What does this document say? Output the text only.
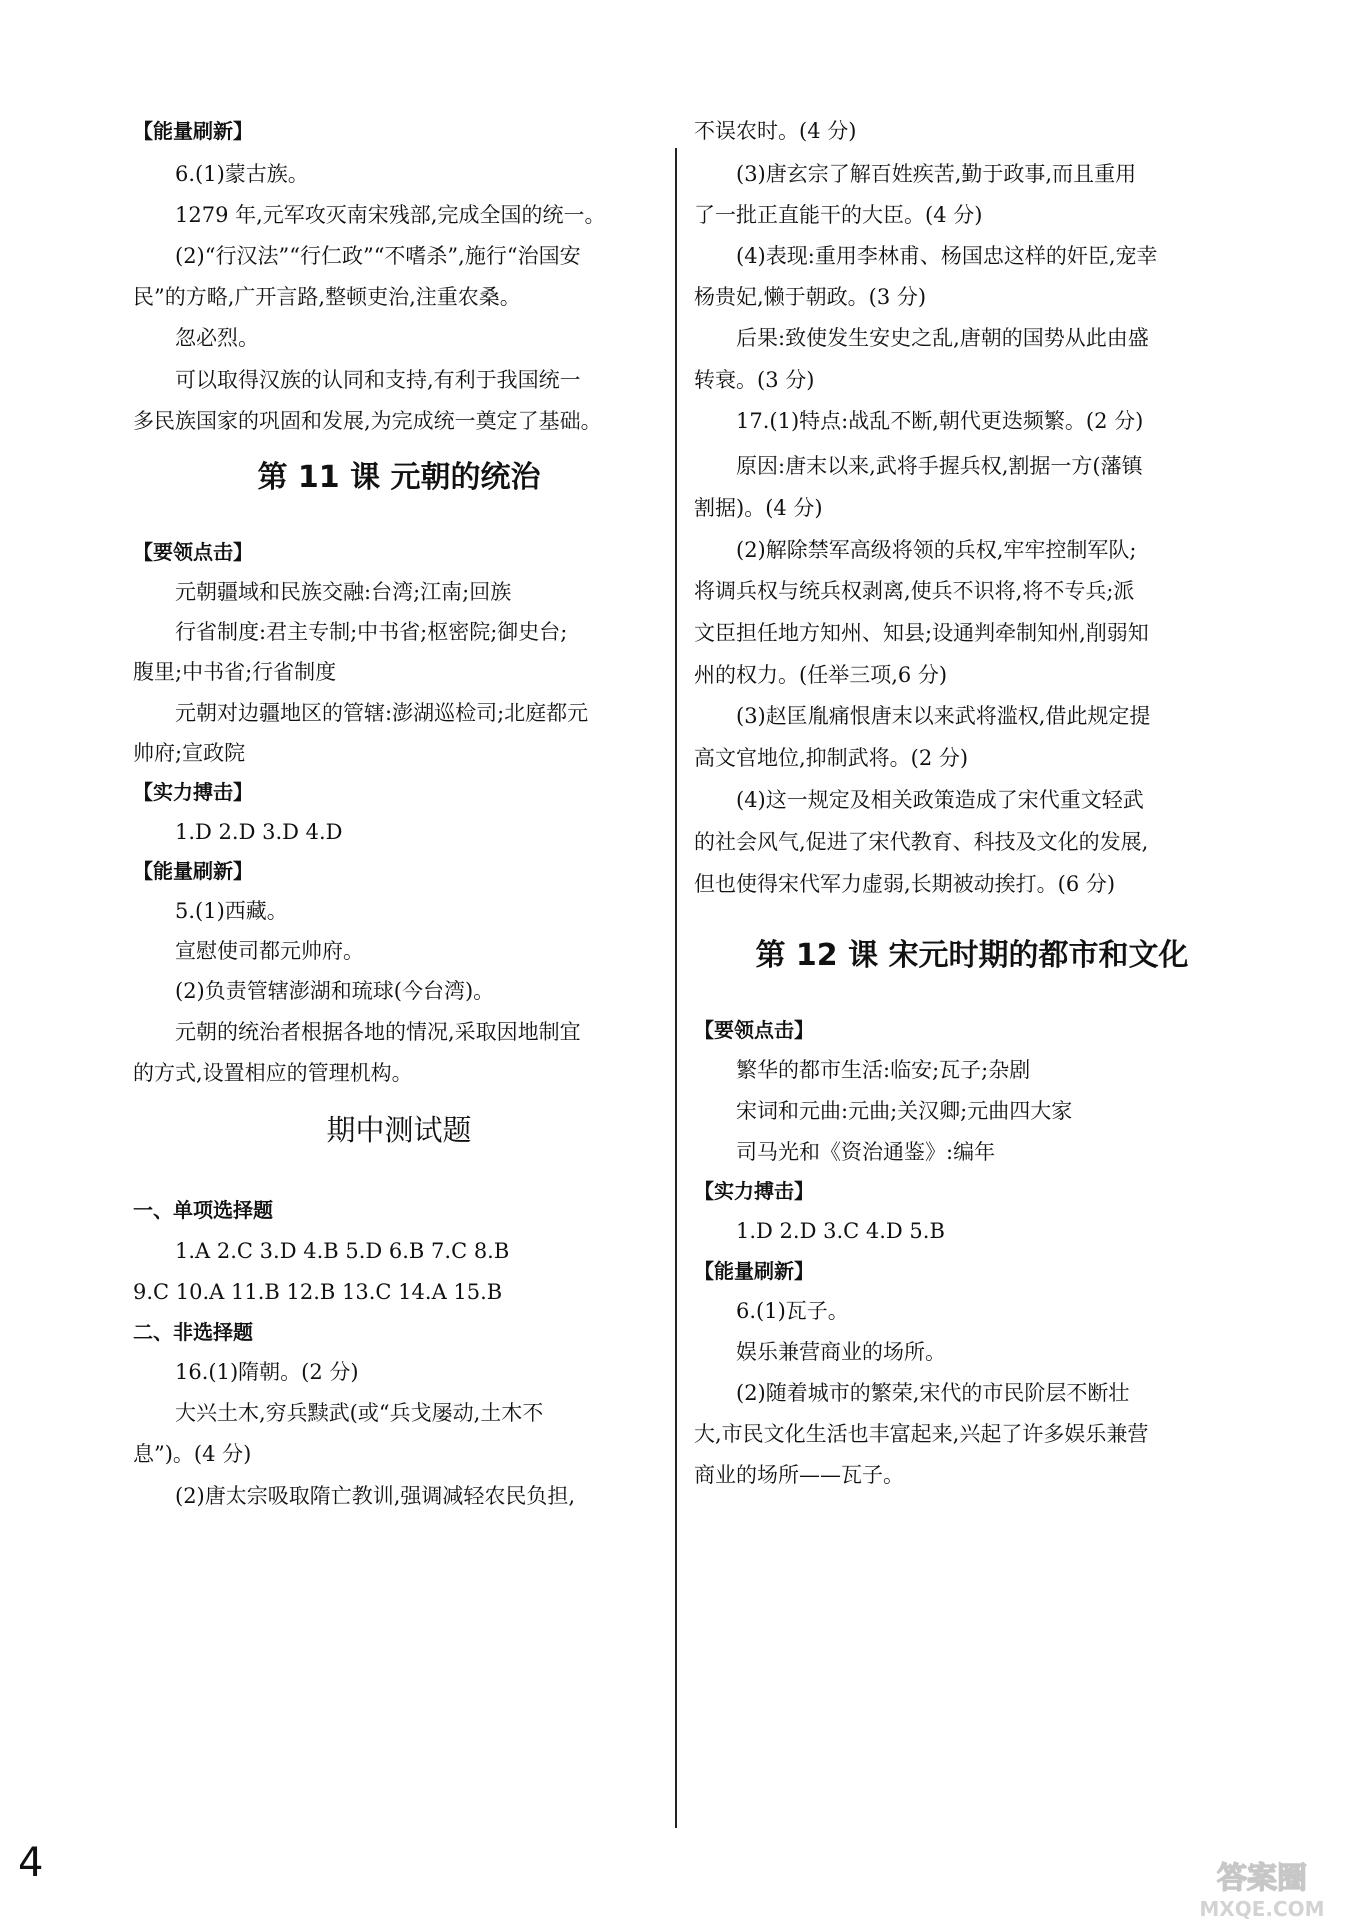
【能量刷新】
6.(1)蒙古族。
1279 年,元军攻灭南宋残部,完成全国的统一。
(2)“行汉法”“行仁政”“不嗜杀”,施行“治国安
民”的方略,广开言路,整顿吏治,注重农桑。
忽必烈。
可以取得汉族的认同和支持,有利于我国统一
多民族国家的巩固和发展,为完成统一奠定了基础。
第 11 课 元朝的统治
【要领点击】
元朝疆域和民族交融:台湾;江南;回族
行省制度:君主专制;中书省;枢密院;御史台;
腹里;中书省;行省制度
元朝对边疆地区的管辖:澎湖巡检司;北庭都元
帅府;宣政院
【实力搏击】
1.D 2.D 3.D 4.D
【能量刷新】
5.(1)西藏。
宣慰使司都元帅府。
(2)负责管辖澎湖和琉球(今台湾)。
元朝的统治者根据各地的情况,采取因地制宜
的方式,设置相应的管理机构。
期中测试题
一、单项选择题
1.A 2.C 3.D 4.B 5.D 6.B 7.C 8.B
9.C 10.A 11.B 12.B 13.C 14.A 15.B
二、非选择题
16.(1)隋朝。(2 分)
大兴土木,穷兵黩武(或“兵戈屡动,土木不
息”)。(4 分)
(2)唐太宗吸取隋亡教训,强调减轻农民负担,
不误农时。(4 分)
(3)唐玄宗了解百姓疾苦,勤于政事,而且重用
了一批正直能干的大臣。(4 分)
(4)表现:重用李林甫、杨国忠这样的奸臣,宠幸
杨贵妃,懒于朝政。(3 分)
后果:致使发生安史之乱,唐朝的国势从此由盛
转衰。(3 分)
17.(1)特点:战乱不断,朝代更迭频繁。(2 分)
原因:唐末以来,武将手握兵权,割据一方(藩镇
割据)。(4 分)
(2)解除禁军高级将领的兵权,牢牢控制军队;
将调兵权与统兵权剥离,使兵不识将,将不专兵;派
文臣担任地方知州、知县;设通判牵制知州,削弱知
州的权力。(任举三项,6 分)
(3)赵匡胤痛恨唐末以来武将滥权,借此规定提
高文官地位,抑制武将。(2 分)
(4)这一规定及相关政策造成了宋代重文轻武
的社会风气,促进了宋代教育、科技及文化的发展,
但也使得宋代军力虚弱,长期被动挨打。(6 分)
第 12 课 宋元时期的都市和文化
【要领点击】
繁华的都市生活:临安;瓦子;杂剧
宋词和元曲:元曲;关汉卿;元曲四大家
司马光和《资治通鉴》:编年
【实力搏击】
1.D 2.D 3.C 4.D 5.B
【能量刷新】
6.(1)瓦子。
娱乐兼营商业的场所。
(2)随着城市的繁荣,宋代的市民阶层不断壮
大,市民文化生活也丰富起来,兴起了许多娱乐兼营
商业的场所——瓦子。
4	答案圈
MXQE.COM
